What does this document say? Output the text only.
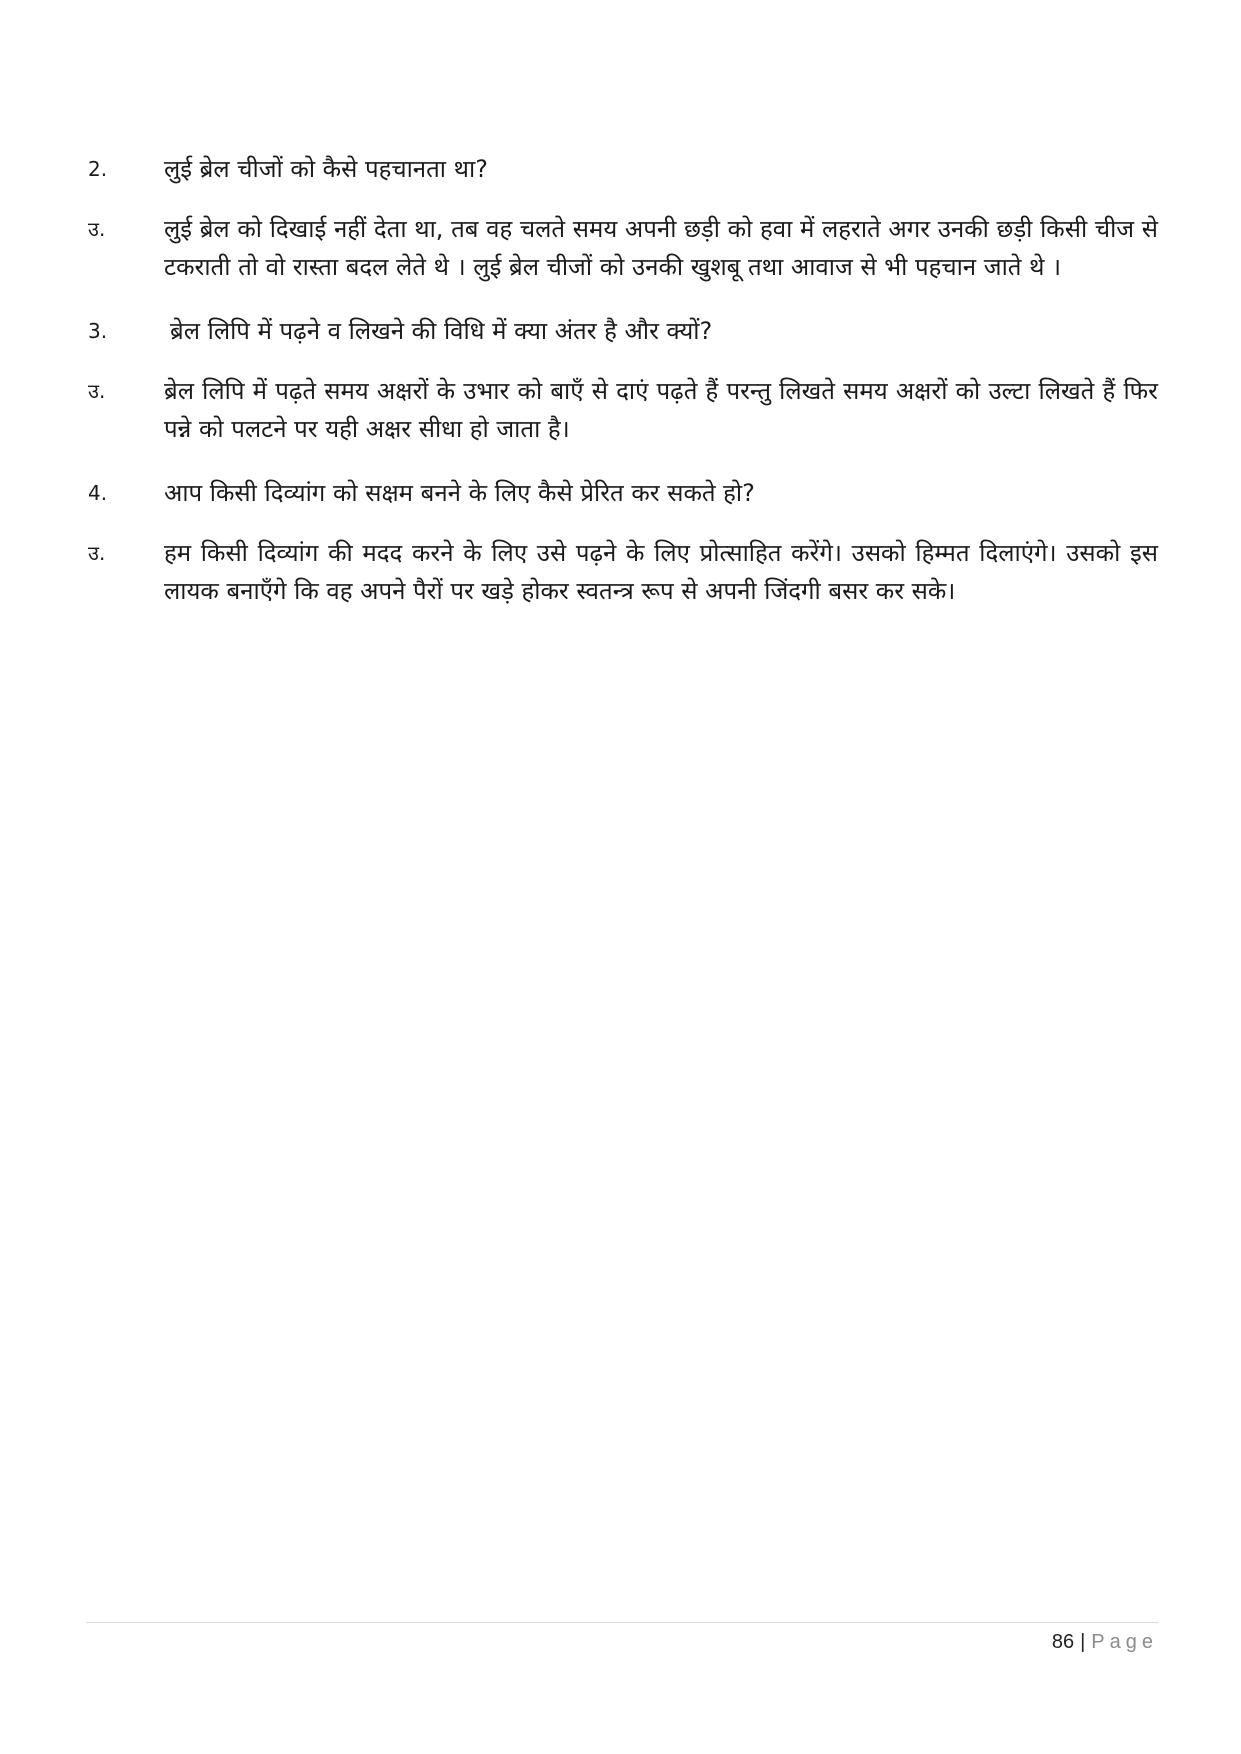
2.	लुई ब्रेल चीजों को कैसे पहचानता था?
उ.	लुई ब्रेल को दिखाई नहीं देता था, तब वह चलते समय अपनी छड़ी को हवा में लहराते अगर उनकी छड़ी किसी चीज से टकराती तो वो रास्ता बदल लेते थे । लुई ब्रेल चीजों को उनकी खुशबू तथा आवाज से भी पहचान जाते थे ।
3.	ब्रेल लिपि में पढ़ने व लिखने की विधि में क्या अंतर है और क्यों?
उ.	ब्रेल लिपि में पढ़ते समय अक्षरों के उभार को बाएँ से दाएं पढ़ते हैं परन्तु लिखते समय अक्षरों को उल्टा लिखते हैं फिर पन्ने को पलटने पर यही अक्षर सीधा हो जाता है।
4.	आप किसी दिव्यांग को सक्षम बनने के लिए कैसे प्रेरित कर सकते हो?
उ.	हम किसी दिव्यांग की मदद करने के लिए उसे पढ़ने के लिए प्रोत्साहित करेंगे। उसको हिम्मत दिलाएंगे। उसको इस लायक बनाएँगे कि वह अपने पैरों पर खड़े होकर स्वतन्त्र रूप से अपनी जिंदगी बसर कर सके।
86 | Page
